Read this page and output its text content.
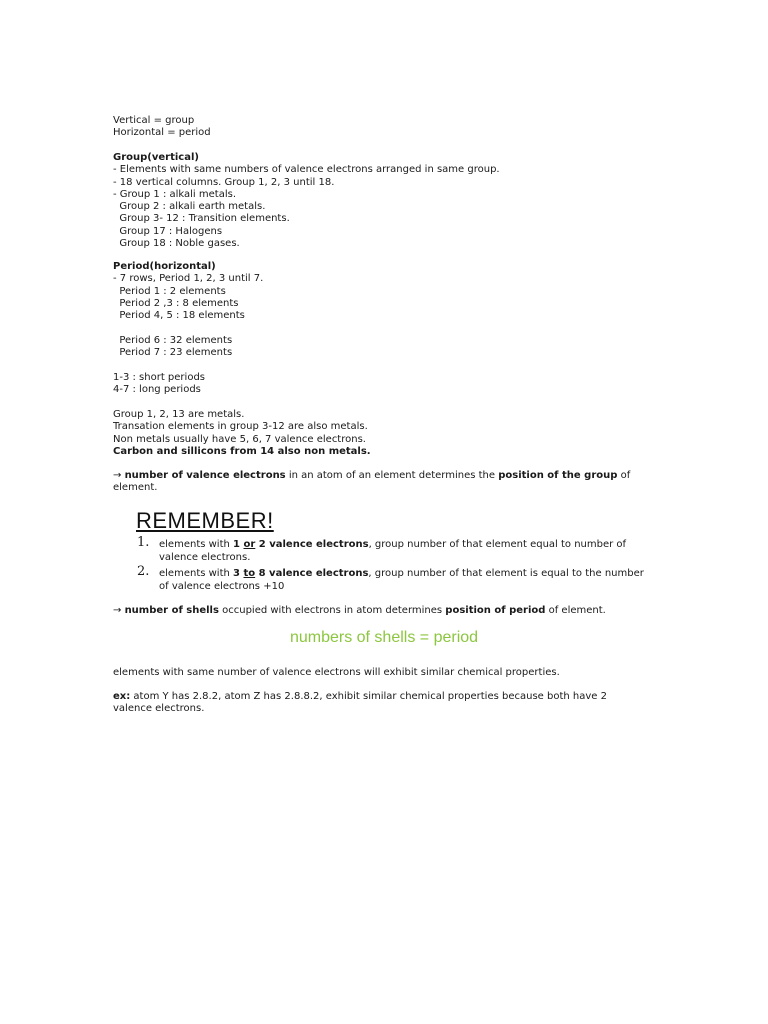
Vertical = group
Horizontal = period
Group(vertical)
- Elements with same numbers of valence electrons arranged in same group.
- 18 vertical columns. Group 1, 2, 3 until 18.
- Group 1 : alkali metals.
Group 2 : alkali earth metals.
Group 3- 12 : Transition elements.
Group 17 : Halogens
Group 18 : Noble gases.
Period(horizontal)
- 7 rows, Period 1, 2, 3 until 7.
Period 1 : 2 elements
Period 2 ,3 : 8 elements
Period 4, 5 : 18 elements
Period 6 : 32 elements
Period 7 : 23 elements
1-3 : short periods
4-7 : long periods
Group 1, 2, 13 are metals.
Transation elements in group 3-12 are also metals.
Non metals usually have 5, 6, 7 valence electrons.
Carbon and sillicons from 14 also non metals.
→ number of valence electrons in an atom of an element determines the position of the group of
element.
REMEMBER!
1. elements with 1 or 2 valence electrons, group number of that element equal to number of
valence electrons.
2. elements with 3 to 8 valence electrons, group number of that element is equal to the number
of valence electrons +10
→ number of shells occupied with electrons in atom determines position of period of element.
numbers of shells = period
elements with same number of valence electrons will exhibit similar chemical properties.
ex: atom Y has 2.8.2, atom Z has 2.8.8.2, exhibit similar chemical properties because both have 2
valence electrons.
